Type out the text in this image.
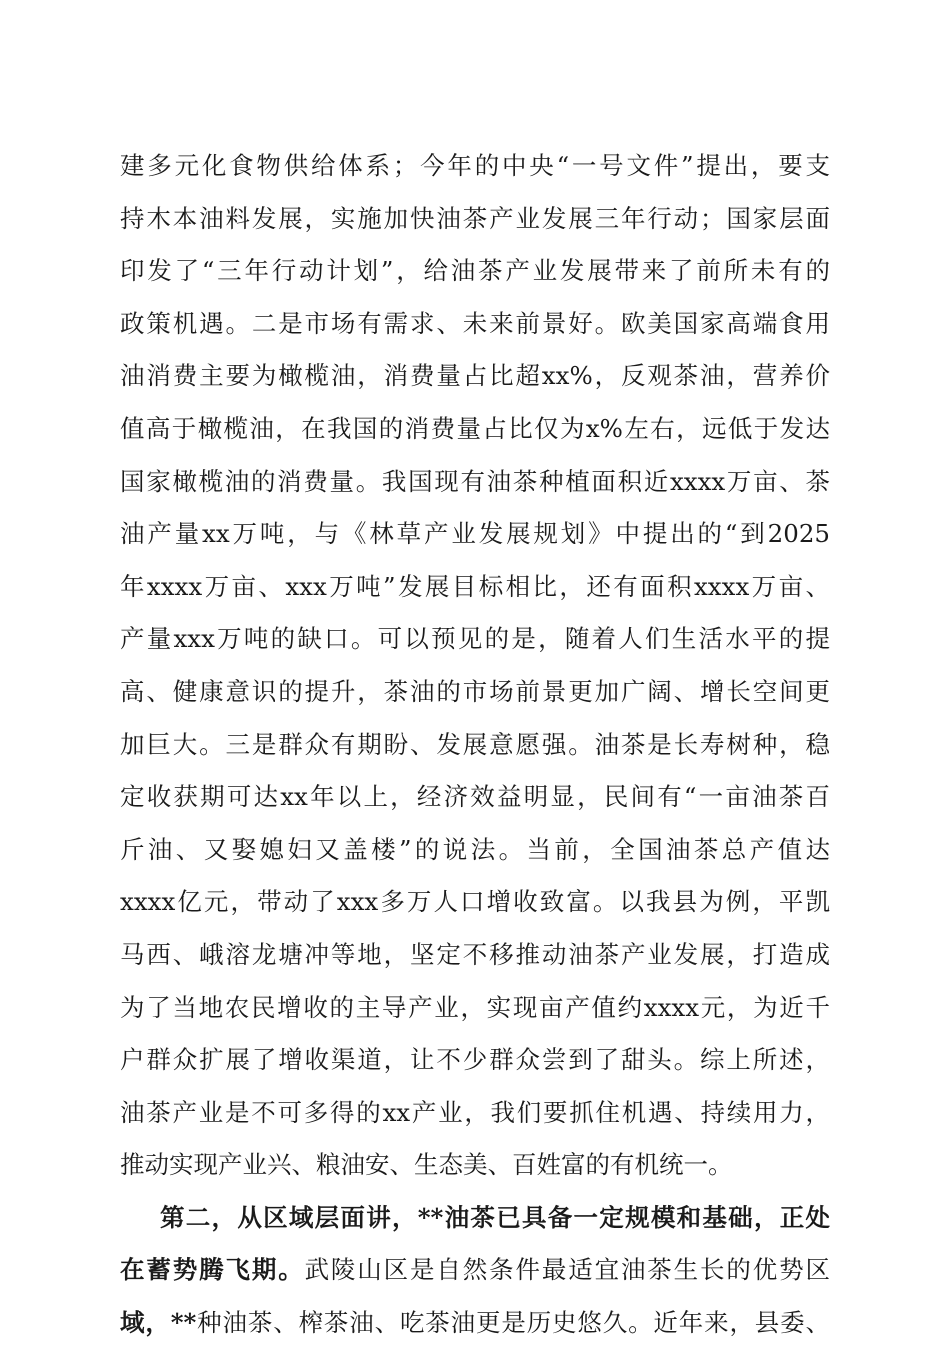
建多元化食物供给体系；今年的中央“一号文件”提出，要支
持木本油料发展，实施加快油茶产业发展三年行动；国家层面
印发了“三年行动计划”，给油茶产业发展带来了前所未有的
政策机遇。二是市场有需求、未来前景好。欧美国家高端食用
油消费主要为橄榄油，消费量占比超xx%，反观茶油，营养价
值高于橄榄油，在我国的消费量占比仅为x%左右，远低于发达
国家橄榄油的消费量。我国现有油茶种植面积近xxxx万亩、茶
油产量xx万吨，与《林草产业发展规划》中提出的“到2025
年xxxx万亩、xxx万吨”发展目标相比，还有面积xxxx万亩、
产量xxx万吨的缺口。可以预见的是，随着人们生活水平的提
高、健康意识的提升，茶油的市场前景更加广阔、增长空间更
加巨大。三是群众有期盼、发展意愿强。油茶是长寿树种，稳
定收获期可达xx年以上，经济效益明显，民间有“一亩油茶百
斤油、又娶媳妇又盖楼”的说法。当前，全国油茶总产值达
xxxx亿元，带动了xxx多万人口增收致富。以我县为例，平凯
马西、峨溶龙塘冲等地，坚定不移推动油茶产业发展，打造成
为了当地农民增收的主导产业，实现亩产值约xxxx元，为近千
户群众扩展了增收渠道，让不少群众尝到了甜头。综上所述，
油茶产业是不可多得的xx产业，我们要抓住机遇、持续用力，
推动实现产业兴、粮油安、生态美、百姓富的有机统一。
第二，从区域层面讲，**油茶已具备一定规模和基础，正处
在蓄势腾飞期。武陵山区是自然条件最适宜油茶生长的优势区
域，**种油茶、榨茶油、吃茶油更是历史悠久。近年来，县委、
